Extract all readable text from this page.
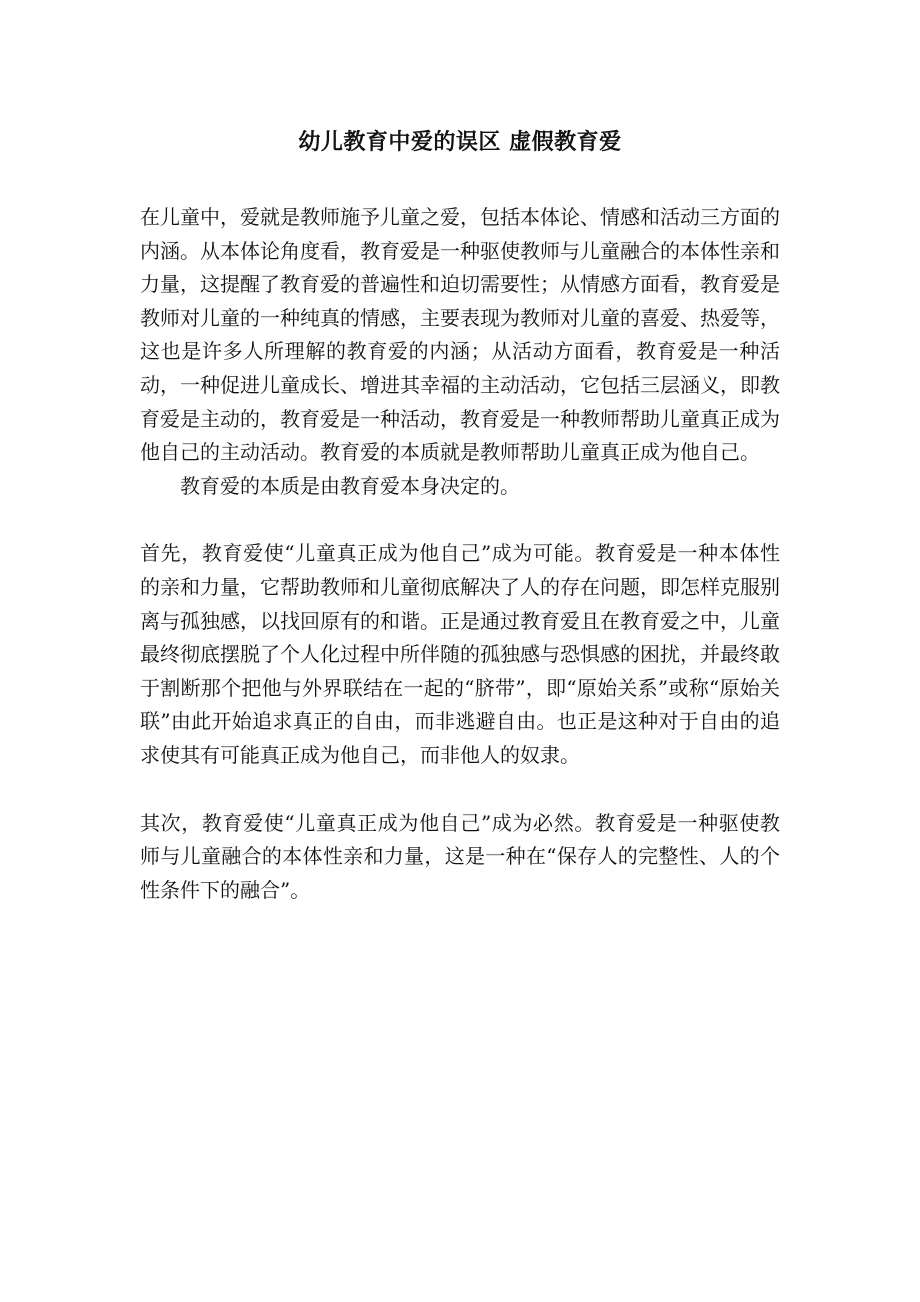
幼儿教育中爱的误区 虚假教育爱

在儿童中，爱就是教师施予儿童之爱，包括本体论、情感和活动三方面的内涵。从本体论角度看，教育爱是一种驱使教师与儿童融合的本体性亲和力量，这提醒了教育爱的普遍性和迫切需要性；从情感方面看，教育爱是教师对儿童的一种纯真的情感，主要表现为教师对儿童的喜爱、热爱等，这也是许多人所理解的教育爱的内涵；从活动方面看，教育爱是一种活动，一种促进儿童成长、增进其幸福的主动活动，它包括三层涵义，即教育爱是主动的，教育爱是一种活动，教育爱是一种教师帮助儿童真正成为他自己的主动活动。教育爱的本质就是教师帮助儿童真正成为他自己。

教育爱的本质是由教育爱本身决定的。

首先，教育爱使“儿童真正成为他自己”成为可能。教育爱是一种本体性的亲和力量，它帮助教师和儿童彻底解决了人的存在问题，即怎样克服别离与孤独感，以找回原有的和谐。正是通过教育爱且在教育爱之中，儿童最终彻底摆脱了个人化过程中所伴随的孤独感与恐惧感的困扰，并最终敢于割断那个把他与外界联结在一起的“脐带”，即“原始关系”或称“原始关联”由此开始追求真正的自由，而非逃避自由。也正是这种对于自由的追求使其有可能真正成为他自己，而非他人的奴隶。

其次，教育爱使“儿童真正成为他自己”成为必然。教育爱是一种驱使教师与儿童融合的本体性亲和力量，这是一种在“保存人的完整性、人的个性条件下的融合”。
